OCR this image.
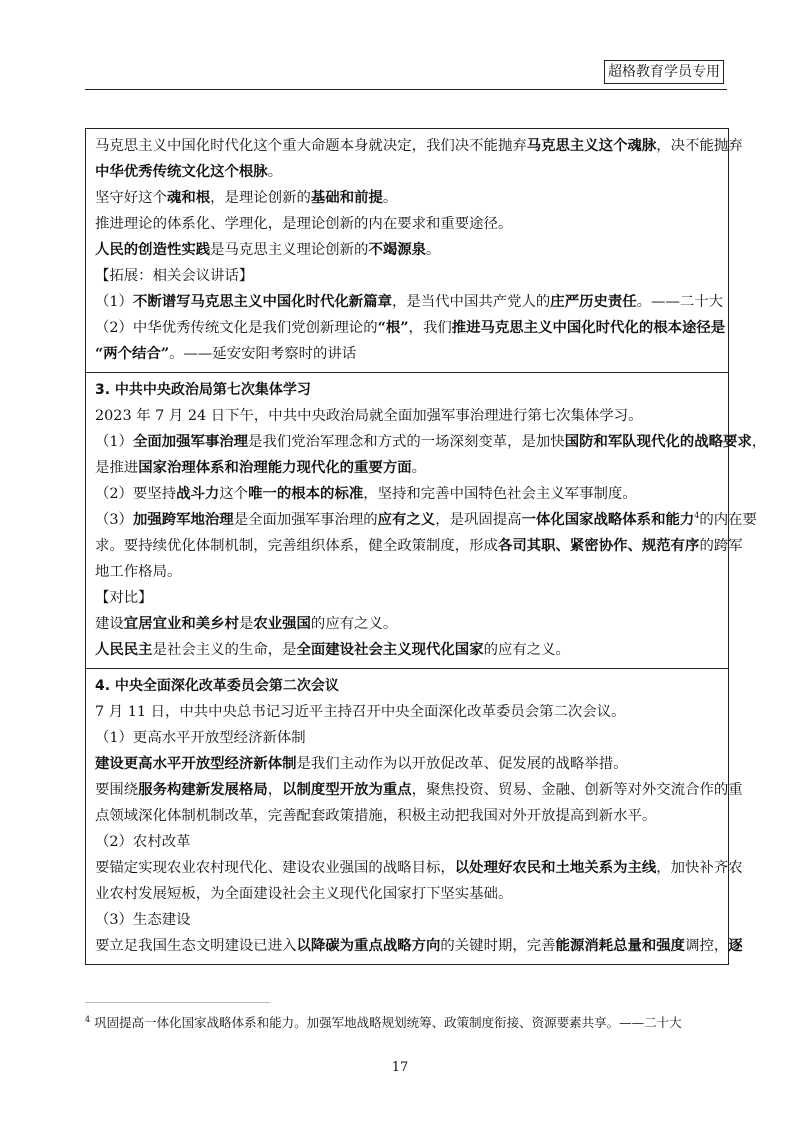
超格教育学员专用
马克思主义中国化时代化这个重大命题本身就决定，我们决不能抛弃马克思主义这个魂脉，决不能抛弃
中华优秀传统文化这个根脉。
坚守好这个魂和根，是理论创新的基础和前提。
推进理论的体系化、学理化，是理论创新的内在要求和重要途径。
人民的创造性实践是马克思主义理论创新的不竭源泉。
【拓展：相关会议讲话】
（1）不断谱写马克思主义中国化时代化新篇章，是当代中国共产党人的庄严历史责任。——二十大
（2）中华优秀传统文化是我们党创新理论的“根”，我们推进马克思主义中国化时代化的根本途径是
“两个结合”。——延安安阳考察时的讲话
3. 中共中央政治局第七次集体学习
2023 年 7 月 24 日下午，中共中央政治局就全面加强军事治理进行第七次集体学习。
（1）全面加强军事治理是我们党治军理念和方式的一场深刻变革，是加快国防和军队现代化的战略要求，
是推进国家治理体系和治理能力现代化的重要方面。
（2）要坚持战斗力这个唯一的根本的标准，坚持和完善中国特色社会主义军事制度。
（3）加强跨军地治理是全面加强军事治理的应有之义，是巩固提高一体化国家战略体系和能力$^4$的内在要
求。要持续优化体制机制，完善组织体系，健全政策制度，形成各司其职、紧密协作、规范有序的跨军
地工作格局。
【对比】
建设宜居宜业和美乡村是农业强国的应有之义。
人民民主是社会主义的生命，是全面建设社会主义现代化国家的应有之义。
4. 中央全面深化改革委员会第二次会议
7 月 11 日，中共中央总书记习近平主持召开中央全面深化改革委员会第二次会议。
（1）更高水平开放型经济新体制
建设更高水平开放型经济新体制是我们主动作为以开放促改革、促发展的战略举措。
要围绕服务构建新发展格局，以制度型开放为重点，聚焦投资、贸易、金融、创新等对外交流合作的重
点领域深化体制机制改革，完善配套政策措施，积极主动把我国对外开放提高到新水平。
（2）农村改革
要锚定实现农业农村现代化、建设农业强国的战略目标，以处理好农民和土地关系为主线，加快补齐农
业农村发展短板，为全面建设社会主义现代化国家打下坚实基础。
（3）生态建设
要立足我国生态文明建设已进入以降碳为重点战略方向的关键时期，完善能源消耗总量和强度调控，逐
$^4$ 巩固提高一体化国家战略体系和能力。加强军地战略规划统筹、政策制度衔接、资源要素共享。——二十大
17
